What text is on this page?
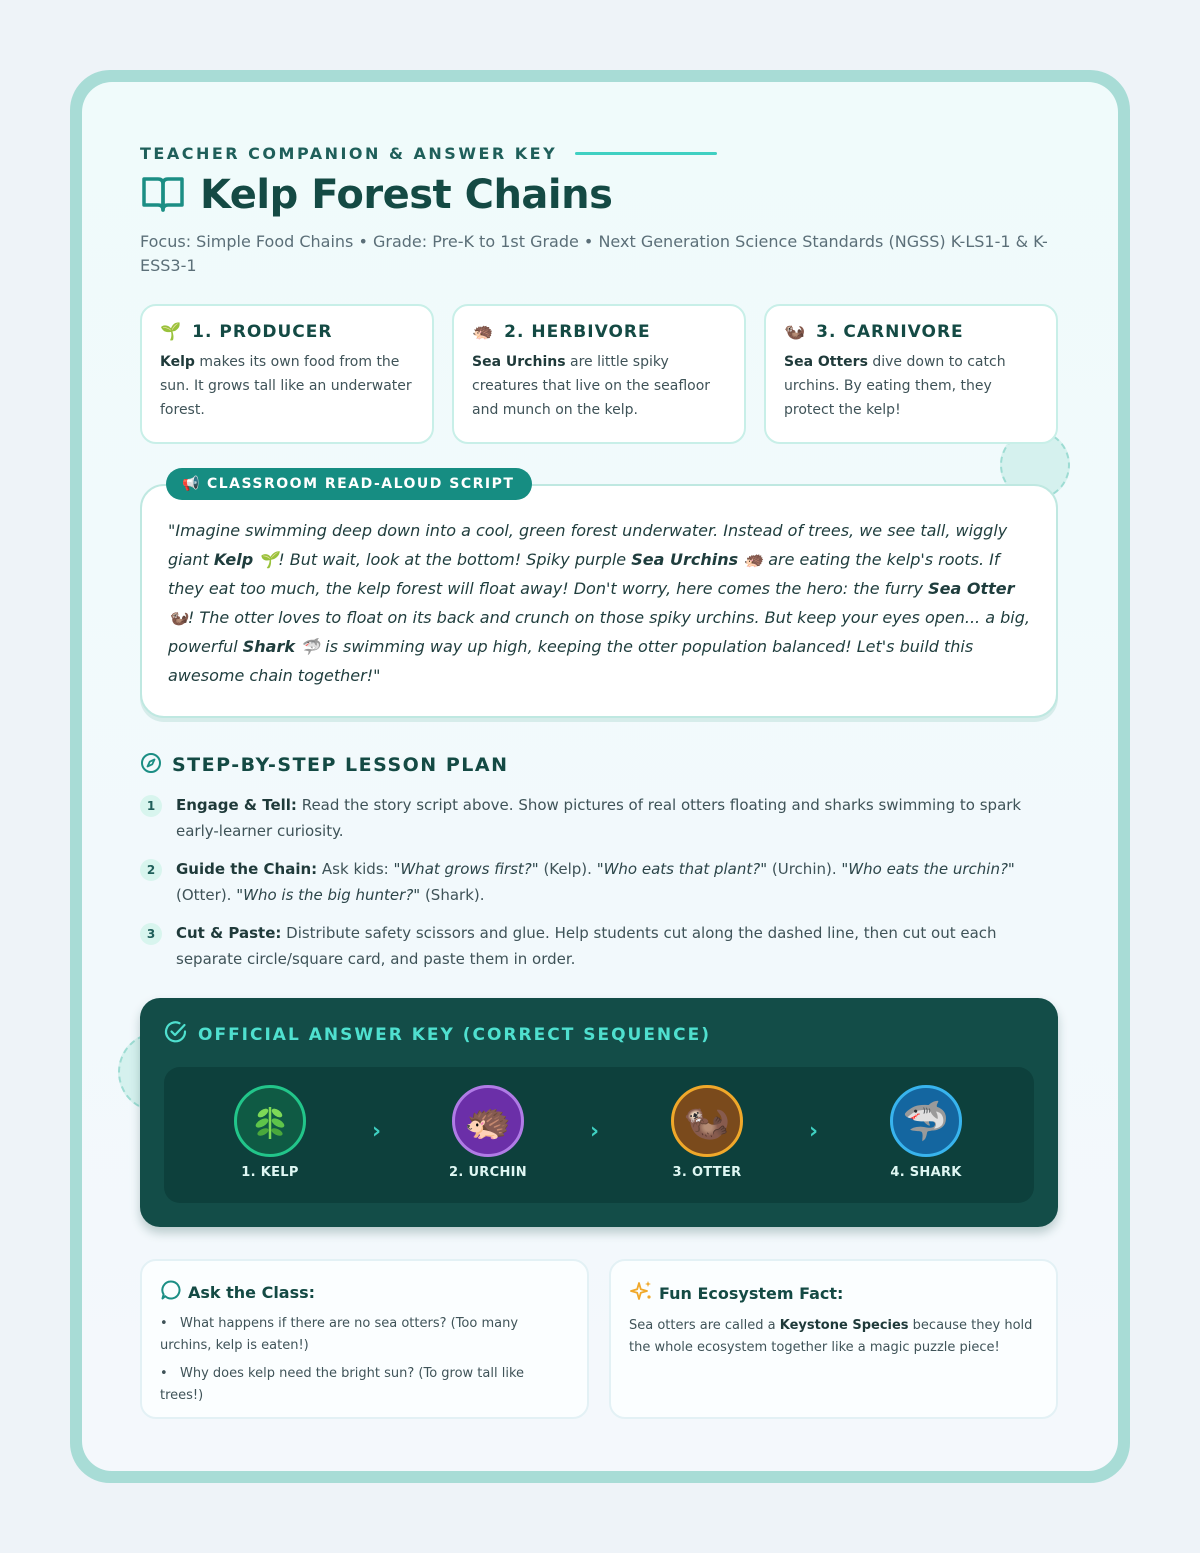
TEACHER COMPANION & ANSWER KEY
Kelp Forest Chains

Focus: Simple Food Chains • Grade: Pre-K to 1st Grade • Next Generation Science Standards (NGSS) K-LS1-1 & K-ESS3-1

🌱 1. PRODUCER

Kelp makes its own food from the sun. It grows tall like an underwater forest.

🦔 2. HERBIVORE

Sea Urchins are little spiky creatures that live on the seafloor and munch on the kelp.

🦦 3. CARNIVORE

Sea Otters dive down to catch urchins. By eating them, they protect the kelp!

📢 CLASSROOM READ-ALOUD SCRIPT

"Imagine swimming deep down into a cool, green forest underwater. Instead of trees, we see tall, wiggly giant Kelp 🌱! But wait, look at the bottom! Spiky purple Sea Urchins 🦔 are eating the kelp's roots. If they eat too much, the kelp forest will float away! Don't worry, here comes the hero: the furry Sea Otter 🦦! The otter loves to float on its back and crunch on those spiky urchins. But keep your eyes open... a big, powerful Shark 🦈 is swimming way up high, keeping the otter population balanced! Let's build this awesome chain together!"

STEP-BY-STEP LESSON PLAN
1	Engage & Tell: Read the story script above. Show pictures of real otters floating and sharks swimming to spark early-learner curiosity.

2	Guide the Chain: Ask kids: "What grows first?" (Kelp). "Who eats that plant?" (Urchin). "Who eats the urchin?" (Otter). "Who is the big hunter?" (Shark).

3	Cut & Paste: Distribute safety scissors and glue. Help students cut along the dashed line, then cut out each separate circle/square card, and paste them in order.

OFFICIAL ANSWER KEY (CORRECT SEQUENCE)
1. KELP
› 🦔
2. URCHIN
› 🦦
3. OTTER
› 🦈
4. SHARK
Ask the Class:
• What happens if there are no sea otters? (Too many urchins, kelp is eaten!)
• Why does kelp need the bright sun? (To grow tall like trees!)
Fun Ecosystem Fact:

Sea otters are called a Keystone Species because they hold the whole ecosystem together like a magic puzzle piece!
